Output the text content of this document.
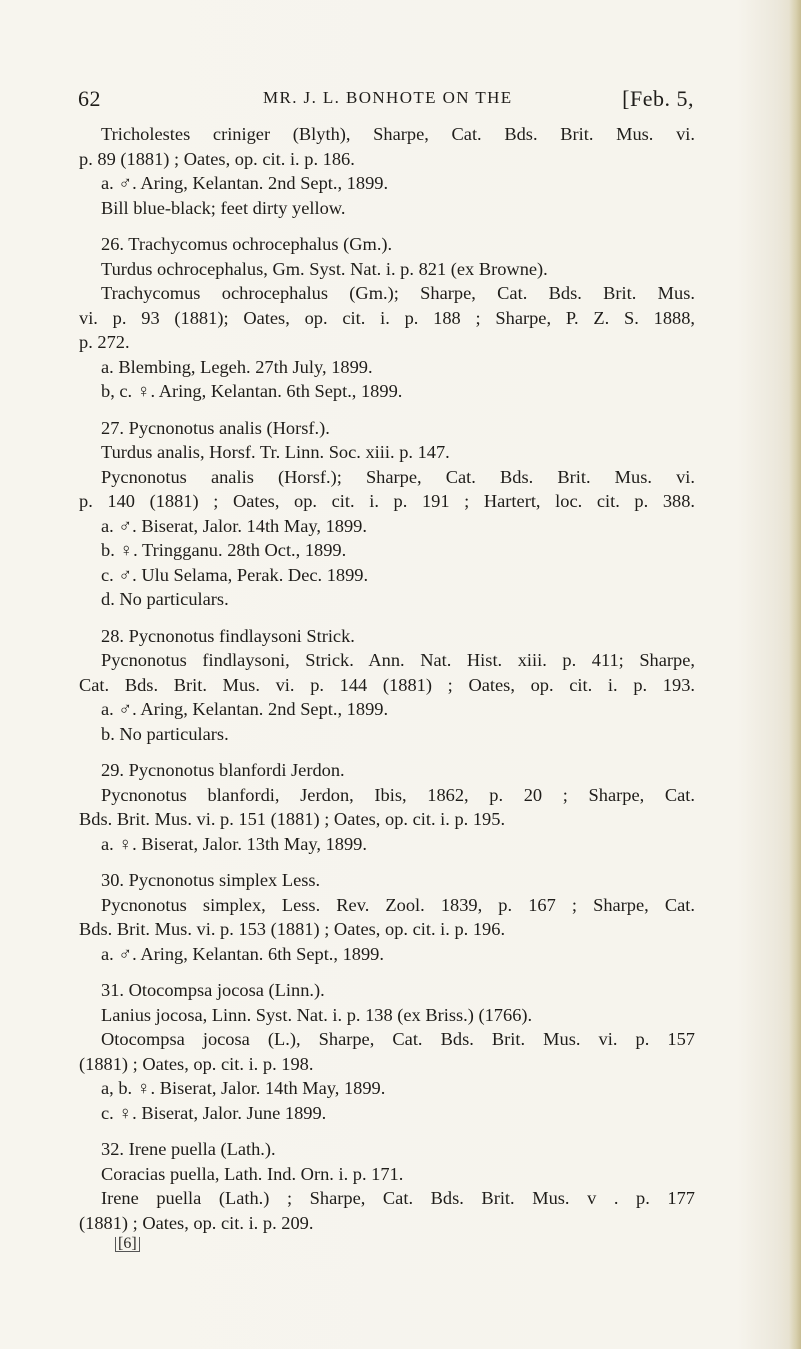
62	MR. J. L. BONHOTE ON THE	[Feb. 5,
Tricholestes criniger (Blyth), Sharpe, Cat. Bds. Brit. Mus. vi.
p. 89 (1881) ; Oates, op. cit. i. p. 186.
a. ♂. Aring, Kelantan. 2nd Sept., 1899.
Bill blue-black; feet dirty yellow.
26. Trachycomus ochrocephalus (Gm.).
Turdus ochrocephalus, Gm. Syst. Nat. i. p. 821 (ex Browne).
Trachycomus ochrocephalus (Gm.); Sharpe, Cat. Bds. Brit. Mus.
vi. p. 93 (1881); Oates, op. cit. i. p. 188 ; Sharpe, P. Z. S. 1888,
p. 272.
a. Blembing, Legeh. 27th July, 1899.
b, c. ♀. Aring, Kelantan. 6th Sept., 1899.
27. Pycnonotus analis (Horsf.).
Turdus analis, Horsf. Tr. Linn. Soc. xiii. p. 147.
Pycnonotus analis (Horsf.); Sharpe, Cat. Bds. Brit. Mus. vi.
p. 140 (1881) ; Oates, op. cit. i. p. 191 ; Hartert, loc. cit. p. 388.
a. ♂. Biserat, Jalor. 14th May, 1899.
b. ♀. Tringganu. 28th Oct., 1899.
c. ♂. Ulu Selama, Perak. Dec. 1899.
d. No particulars.
28. Pycnonotus findlaysoni Strick.
Pycnonotus findlaysoni, Strick. Ann. Nat. Hist. xiii. p. 411; Sharpe,
Cat. Bds. Brit. Mus. vi. p. 144 (1881) ; Oates, op. cit. i. p. 193.
a. ♂. Aring, Kelantan. 2nd Sept., 1899.
b. No particulars.
29. Pycnonotus blanfordi Jerdon.
Pycnonotus blanfordi, Jerdon, Ibis, 1862, p. 20 ; Sharpe, Cat.
Bds. Brit. Mus. vi. p. 151 (1881) ; Oates, op. cit. i. p. 195.
a. ♀. Biserat, Jalor. 13th May, 1899.
30. Pycnonotus simplex Less.
Pycnonotus simplex, Less. Rev. Zool. 1839, p. 167 ; Sharpe, Cat.
Bds. Brit. Mus. vi. p. 153 (1881) ; Oates, op. cit. i. p. 196.
a. ♂. Aring, Kelantan. 6th Sept., 1899.
31. Otocompsa jocosa (Linn.).
Lanius jocosa, Linn. Syst. Nat. i. p. 138 (ex Briss.) (1766).
Otocompsa jocosa (L.), Sharpe, Cat. Bds. Brit. Mus. vi. p. 157
(1881) ; Oates, op. cit. i. p. 198.
a, b. ♀. Biserat, Jalor. 14th May, 1899.
c. ♀. Biserat, Jalor. June 1899.
32. Irene puella (Lath.).
Coracias puella, Lath. Ind. Orn. i. p. 171.
Irene puella (Lath.) ; Sharpe, Cat. Bds. Brit. Mus. v . p. 177
(1881) ; Oates, op. cit. i. p. 209.
[6]
